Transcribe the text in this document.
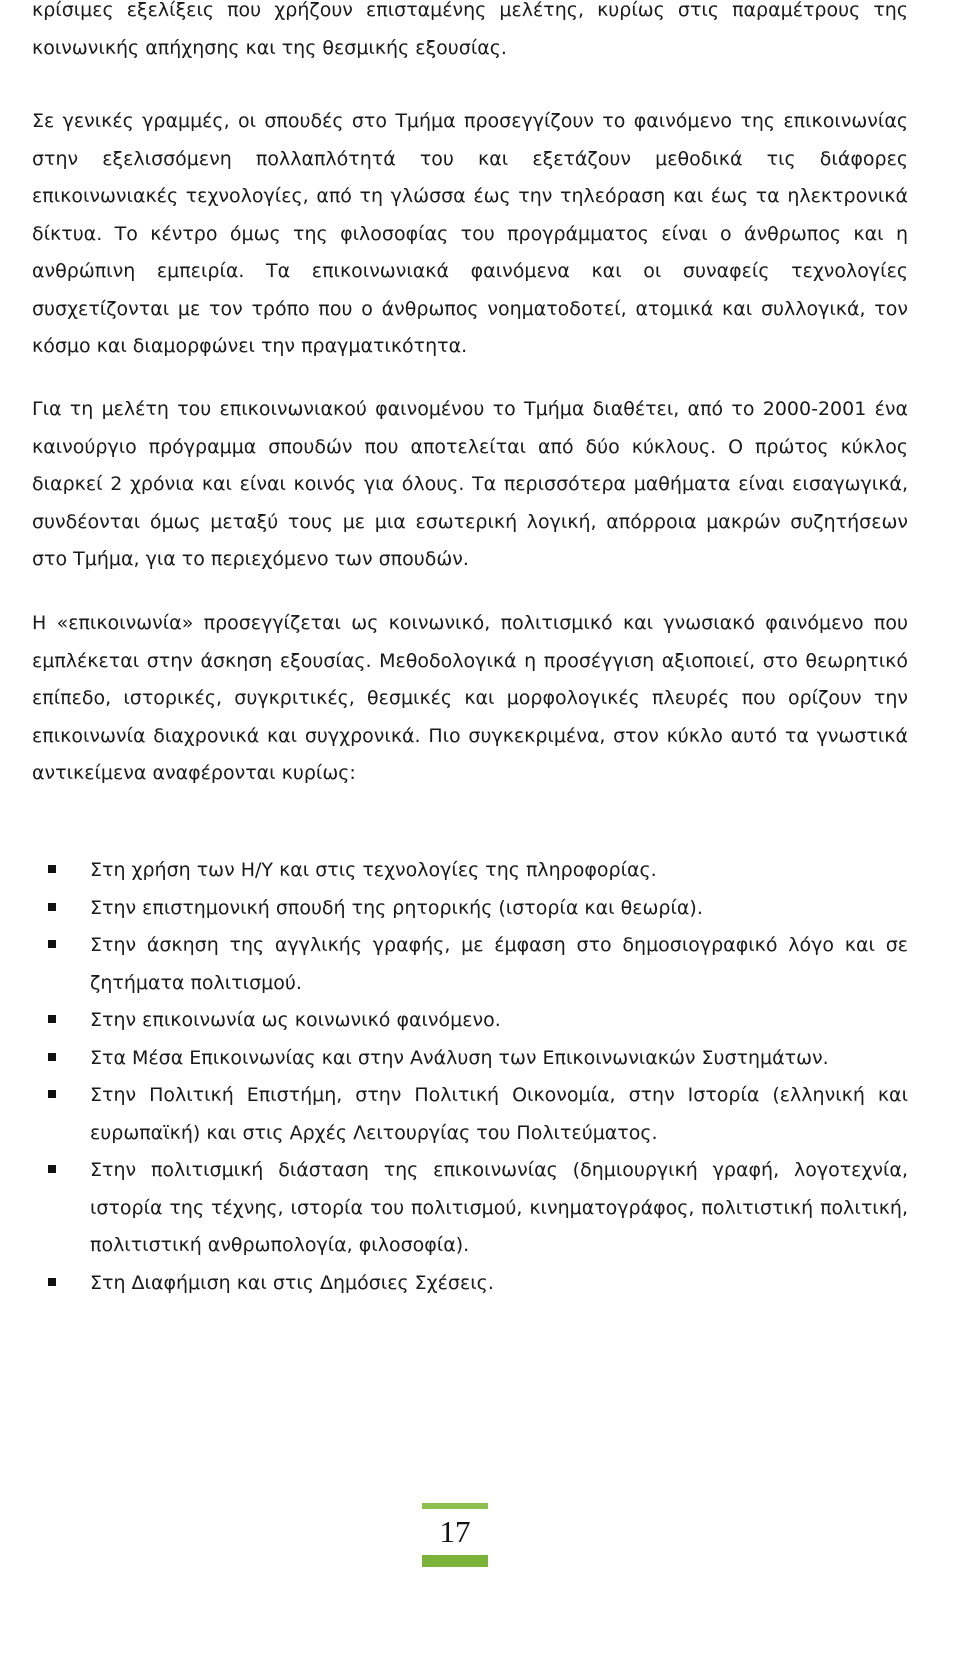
κρίσιμες εξελίξεις που χρήζουν επισταμένης μελέτης, κυρίως στις παραμέτρους της κοινωνικής απήχησης και της θεσμικής εξουσίας.

Σε γενικές γραμμές, οι σπουδές στο Τμήμα προσεγγίζουν το φαινόμενο της επικοινωνίας στην εξελισσόμενη πολλαπλότητά του και εξετάζουν μεθοδικά τις διάφορες επικοινωνιακές τεχνολογίες, από τη γλώσσα έως την τηλεόραση και έως τα ηλεκτρονικά δίκτυα. Το κέντρο όμως της φιλοσοφίας του προγράμματος είναι ο άνθρωπος και η ανθρώπινη εμπειρία. Τα επικοινωνιακά φαινόμενα και οι συναφείς τεχνολογίες συσχετίζονται με τον τρόπο που ο άνθρωπος νοηματοδοτεί, ατομικά και συλλογικά, τον κόσμο και διαμορφώνει την πραγματικότητα.

Για τη μελέτη του επικοινωνιακού φαινομένου το Τμήμα διαθέτει, από το 2000-2001 ένα καινούργιο πρόγραμμα σπουδών που αποτελείται από δύο κύκλους. Ο πρώτος κύκλος διαρκεί 2 χρόνια και είναι κοινός για όλους. Τα περισσότερα μαθήματα είναι εισαγωγικά, συνδέονται όμως μεταξύ τους με μια εσωτερική λογική, απόρροια μακρών συζητήσεων στο Τμήμα, για το περιεχόμενο των σπουδών.

Η «επικοινωνία» προσεγγίζεται ως κοινωνικό, πολιτισμικό και γνωσιακό φαινόμενο που εμπλέκεται στην άσκηση εξουσίας. Μεθοδολογικά η προσέγγιση αξιοποιεί, στο θεωρητικό επίπεδο, ιστορικές, συγκριτικές, θεσμικές και μορφολογικές πλευρές που ορίζουν την επικοινωνία διαχρονικά και συγχρονικά. Πιο συγκεκριμένα, στον κύκλο αυτό τα γνωστικά αντικείμενα αναφέρονται κυρίως:

Στη χρήση των Η/Υ και στις τεχνολογίες της πληροφορίας.
Στην επιστημονική σπουδή της ρητορικής (ιστορία και θεωρία).
Στην άσκηση της αγγλικής γραφής, με έμφαση στο δημοσιογραφικό λόγο και σε ζητήματα πολιτισμού.
Στην επικοινωνία ως κοινωνικό φαινόμενο.
Στα Μέσα Επικοινωνίας και στην Ανάλυση των Επικοινωνιακών Συστημάτων.
Στην Πολιτική Επιστήμη, στην Πολιτική Οικονομία, στην Ιστορία (ελληνική και ευρωπαϊκή) και στις Αρχές Λειτουργίας του Πολιτεύματος.
Στην πολιτισμική διάσταση της επικοινωνίας (δημιουργική γραφή, λογοτεχνία, ιστορία της τέχνης, ιστορία του πολιτισμού, κινηματογράφος, πολιτιστική πολιτική, πολιτιστική ανθρωπολογία, φιλοσοφία).
Στη Διαφήμιση και στις Δημόσιες Σχέσεις.
17
